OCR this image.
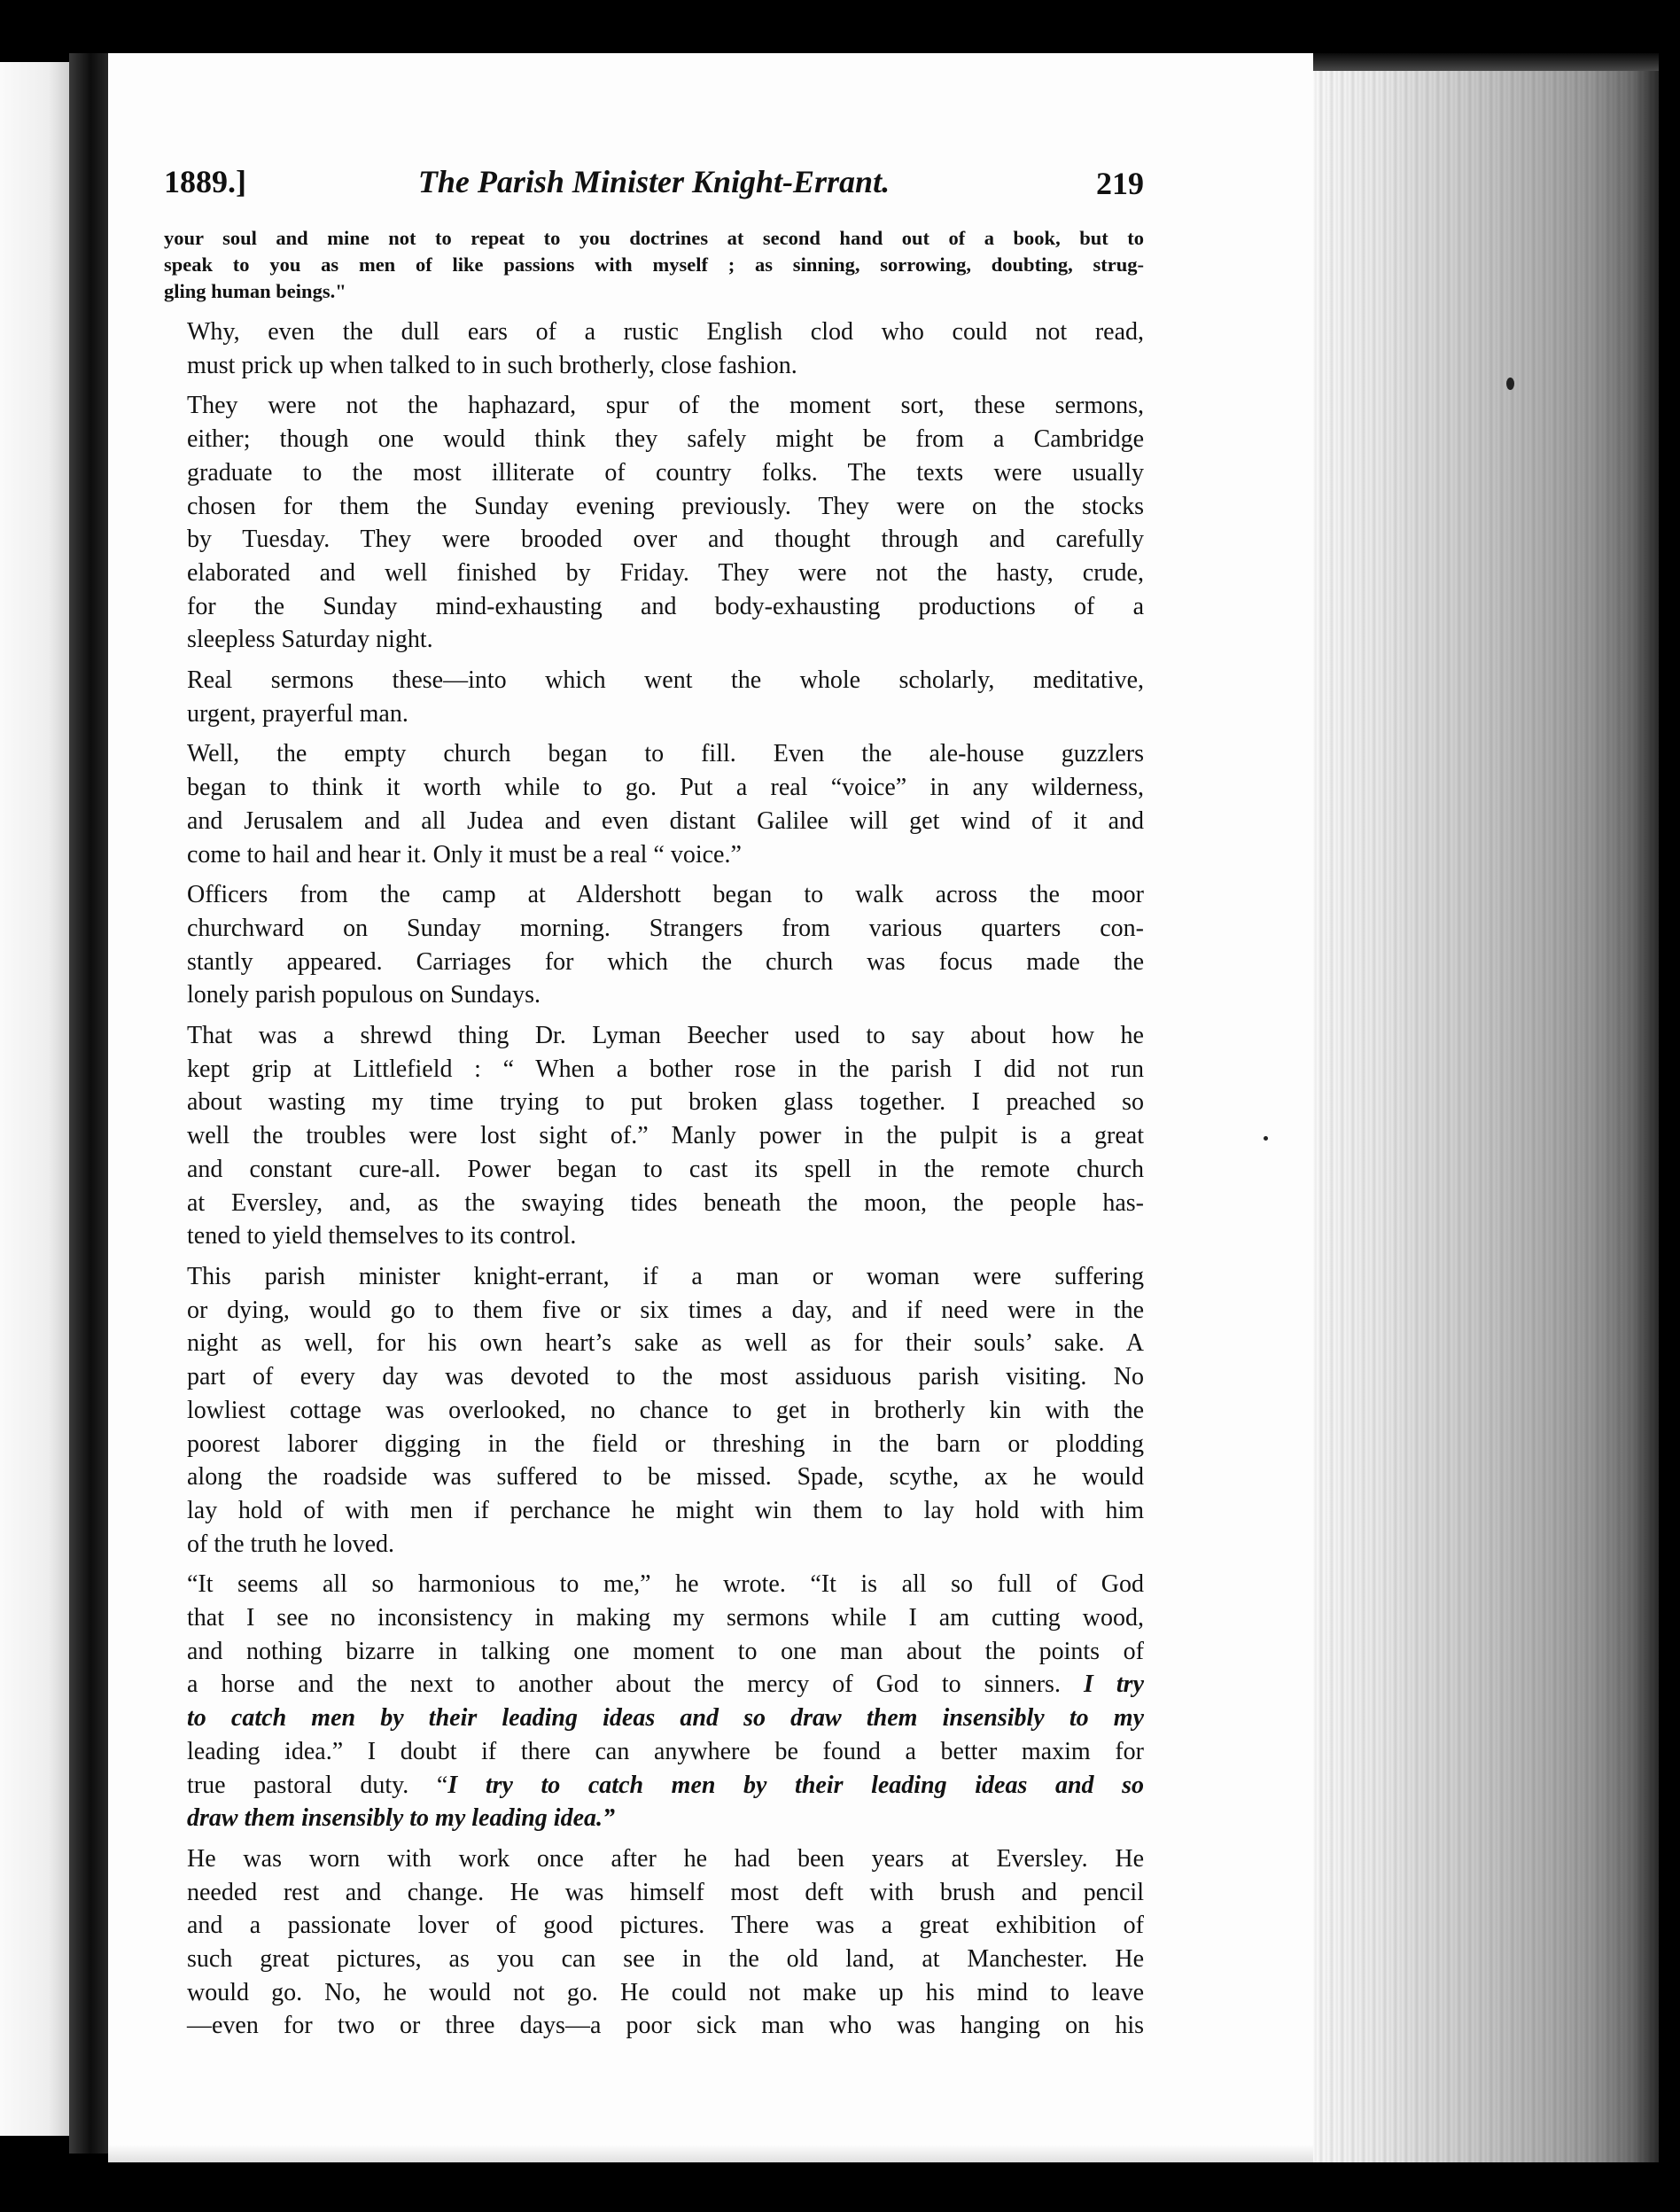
1889.]	The Parish Minister Knight-Errant.	219

your soul and mine not to repeat to you doctrines at second hand out of a book, but to
speak to you as men of like passions with myself ; as sinning, sorrowing, doubting, strug-
gling human beings."

Why, even the dull ears of a rustic English clod who could not read,
must prick up when talked to in such brotherly, close fashion.

They were not the haphazard, spur of the moment sort, these sermons,
either; though one would think they safely might be from a Cambridge
graduate to the most illiterate of country folks. The texts were usually
chosen for them the Sunday evening previously. They were on the stocks
by Tuesday. They were brooded over and thought through and carefully
elaborated and well finished by Friday. They were not the hasty, crude,
for the Sunday mind-exhausting and body-exhausting productions of a
sleepless Saturday night.

Real sermons these—into which went the whole scholarly, meditative,
urgent, prayerful man.

Well, the empty church began to fill. Even the ale-house guzzlers
began to think it worth while to go. Put a real “voice” in any wilderness,
and Jerusalem and all Judea and even distant Galilee will get wind of it and
come to hail and hear it. Only it must be a real “ voice.”

Officers from the camp at Aldershott began to walk across the moor
churchward on Sunday morning. Strangers from various quarters con-
stantly appeared. Carriages for which the church was focus made the
lonely parish populous on Sundays.

That was a shrewd thing Dr. Lyman Beecher used to say about how he
kept grip at Littlefield : “ When a bother rose in the parish I did not run
about wasting my time trying to put broken glass together. I preached so
well the troubles were lost sight of.” Manly power in the pulpit is a great
and constant cure-all. Power began to cast its spell in the remote church
at Eversley, and, as the swaying tides beneath the moon, the people has-
tened to yield themselves to its control.

This parish minister knight-errant, if a man or woman were suffering
or dying, would go to them five or six times a day, and if need were in the
night as well, for his own heart’s sake as well as for their souls’ sake. A
part of every day was devoted to the most assiduous parish visiting. No
lowliest cottage was overlooked, no chance to get in brotherly kin with the
poorest laborer digging in the field or threshing in the barn or plodding
along the roadside was suffered to be missed. Spade, scythe, ax he would
lay hold of with men if perchance he might win them to lay hold with him
of the truth he loved.

“It seems all so harmonious to me,” he wrote. “It is all so full of God
that I see no inconsistency in making my sermons while I am cutting wood,
and nothing bizarre in talking one moment to one man about the points of
a horse and the next to another about the mercy of God to sinners. I try
to catch men by their leading ideas and so draw them insensibly to my
leading idea.” I doubt if there can anywhere be found a better maxim for
true pastoral duty. “I try to catch men by their leading ideas and so
draw them insensibly to my leading idea.”

He was worn with work once after he had been years at Eversley. He
needed rest and change. He was himself most deft with brush and pencil
and a passionate lover of good pictures. There was a great exhibition of
such great pictures, as you can see in the old land, at Manchester. He
would go. No, he would not go. He could not make up his mind to leave
—even for two or three days—a poor sick man who was hanging on his
